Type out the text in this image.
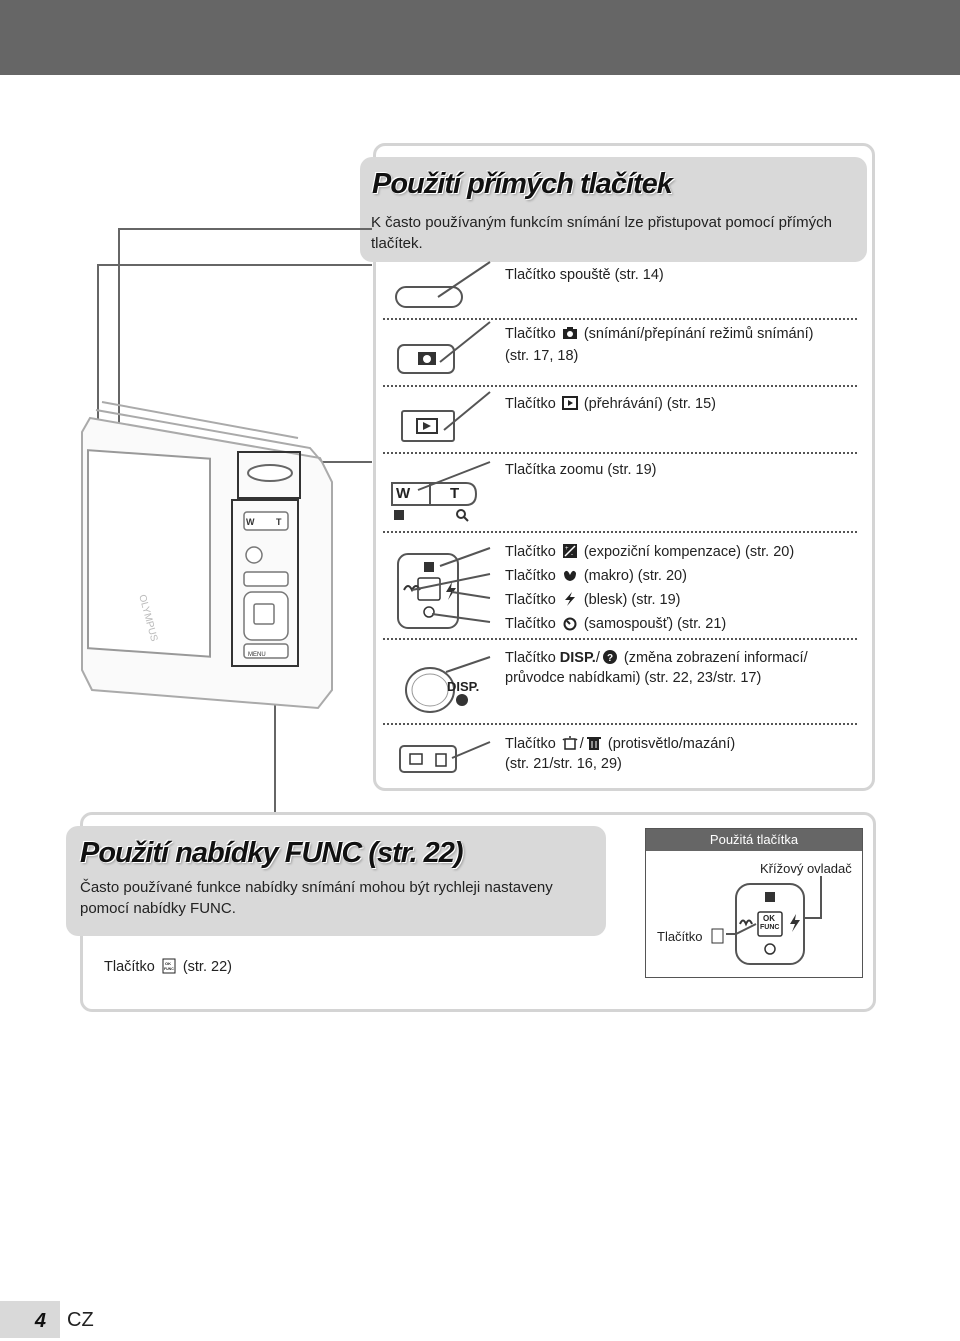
Použití přímých tlačítek
K často používaným funkcím snímání lze přistupovat pomocí přímých tlačítek.
W T
MENU
OLYMPUS
Tlačítko spouště (str. 14)
Tlačítko (snímání/přepínání režimů snímání)
(str. 17, 18)
Tlačítko (přehrávání) (str. 15)
Tlačítka zoomu (str. 19)
W	T
Tlačítko +
- (expoziční kompenzace) (str. 20)
Tlačítko (makro) (str. 20)
Tlačítko (blesk) (str. 19)
Tlačítko (samospoušť) (str. 21)
Tlačítko DISP./ ? (změna zobrazení informací/
průvodce nabídkami) (str. 22, 23/str. 17)
DISP.
Tlačítko / (protisvětlo/mazání)
(str. 21/str. 16, 29)
Použití nabídky FUNC (str. 22)
Často používané funkce nabídky snímání mohou být rychleji nastaveny pomocí nabídky FUNC.
Použitá tlačítka
Křížový ovladač
Tlačítko
OK
FUNC
Tlačítko	OK
FUNC (str. 22)
4	CZ
